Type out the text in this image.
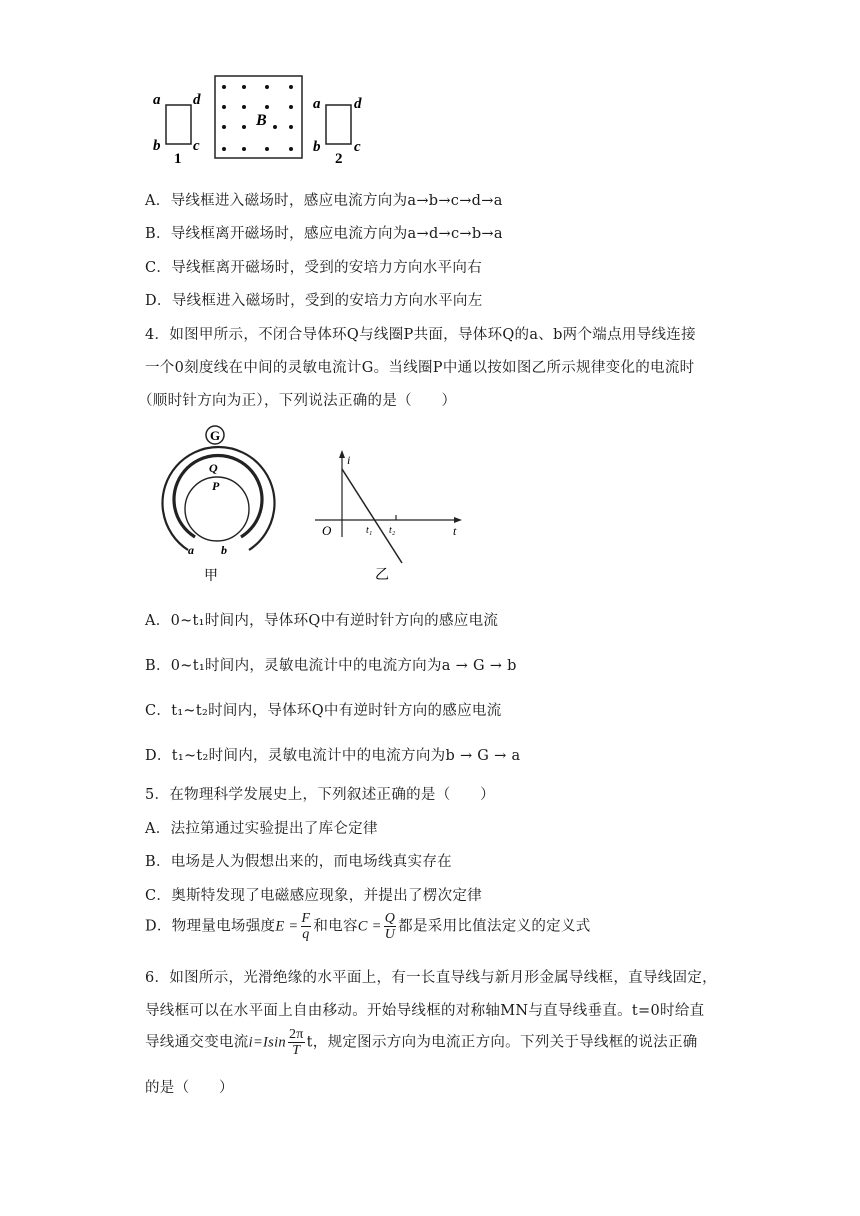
a d
b c
1
B
a d
b c
2
A．导线框进入磁场时，感应电流方向为a→b→c→d→a
B．导线框离开磁场时，感应电流方向为a→d→c→b→a
C．导线框离开磁场时，受到的安培力方向水平向右
D．导线框进入磁场时，受到的安培力方向水平向左
4．如图甲所示，不闭合导体环Q与线圈P共面，导体环Q的a、b两个端点用导线连接
一个0刻度线在中间的灵敏电流计G。当线圈P中通以按如图乙所示规律变化的电流时
（顺时针方向为正），下列说法正确的是（　　）
G
Q
P
a b
甲
i
O	t₁ t₂	t
乙
A．0~t₁时间内，导体环Q中有逆时针方向的感应电流
B．0~t₁时间内，灵敏电流计中的电流方向为a → G → b
C．t₁~t₂时间内，导体环Q中有逆时针方向的感应电流
D．t₁~t₂时间内，灵敏电流计中的电流方向为b → G → a
5．在物理科学发展史上，下列叙述正确的是（　　）
A．法拉第通过实验提出了库仑定律
B．电场是人为假想出来的，而电场线真实存在
C．奥斯特发现了电磁感应现象，并提出了楞次定律
D．物理量电场强度$E = \frac{F}{q}$ 和电容$C = \frac{Q}{U}$ 都是采用比值法定义的定义式
6．如图所示，光滑绝缘的水平面上，有一长直导线与新月形金属导线框，直导线固定，
导线框可以在水平面上自由移动。开始导线框的对称轴MN与直导线垂直。t=0时给直
导线通交变电流$i=Isin \frac{2\pi}{T}$ t，规定图示方向为电流正方向。下列关于导线框的说法正确
的是（　　）
